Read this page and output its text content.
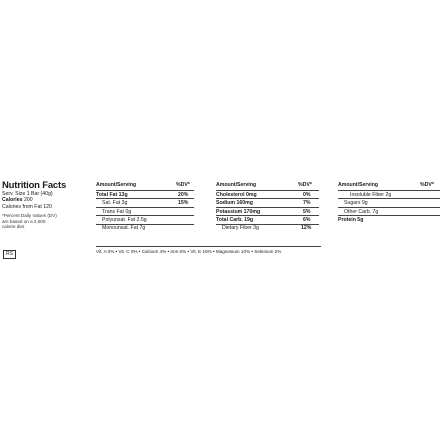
Nutrition Facts
Serv. Size 1 Bar (40g)
Calories 200
Calories from Fat 120
*Percent Daily Values (DV) are based on a 2,000 calorie diet
RS
Amount/Serving	%DV*
Total Fat 13g	20%
Sat. Fat 3g	15%
Trans Fat 0g
Polyunsat. Fat 2.5g
Monounsat. Fat 7g
Amount/Serving	%DV*
Cholesterol 0mg	0%
Sodium 160mg	7%
Potassium 170mg	5%
Total Carb. 19g	6%
Dietary Fiber 3g	12%
Amount/Serving	%DV*
Insoluble Fiber 2g
Sugars 9g
Other Carb. 7g
Protein 5g
Vit. A 0% • Vit. C 0% • Calcium 4% • Iron 6% • Vit. E 15% • Magnesium 10% • Selenium 2%
